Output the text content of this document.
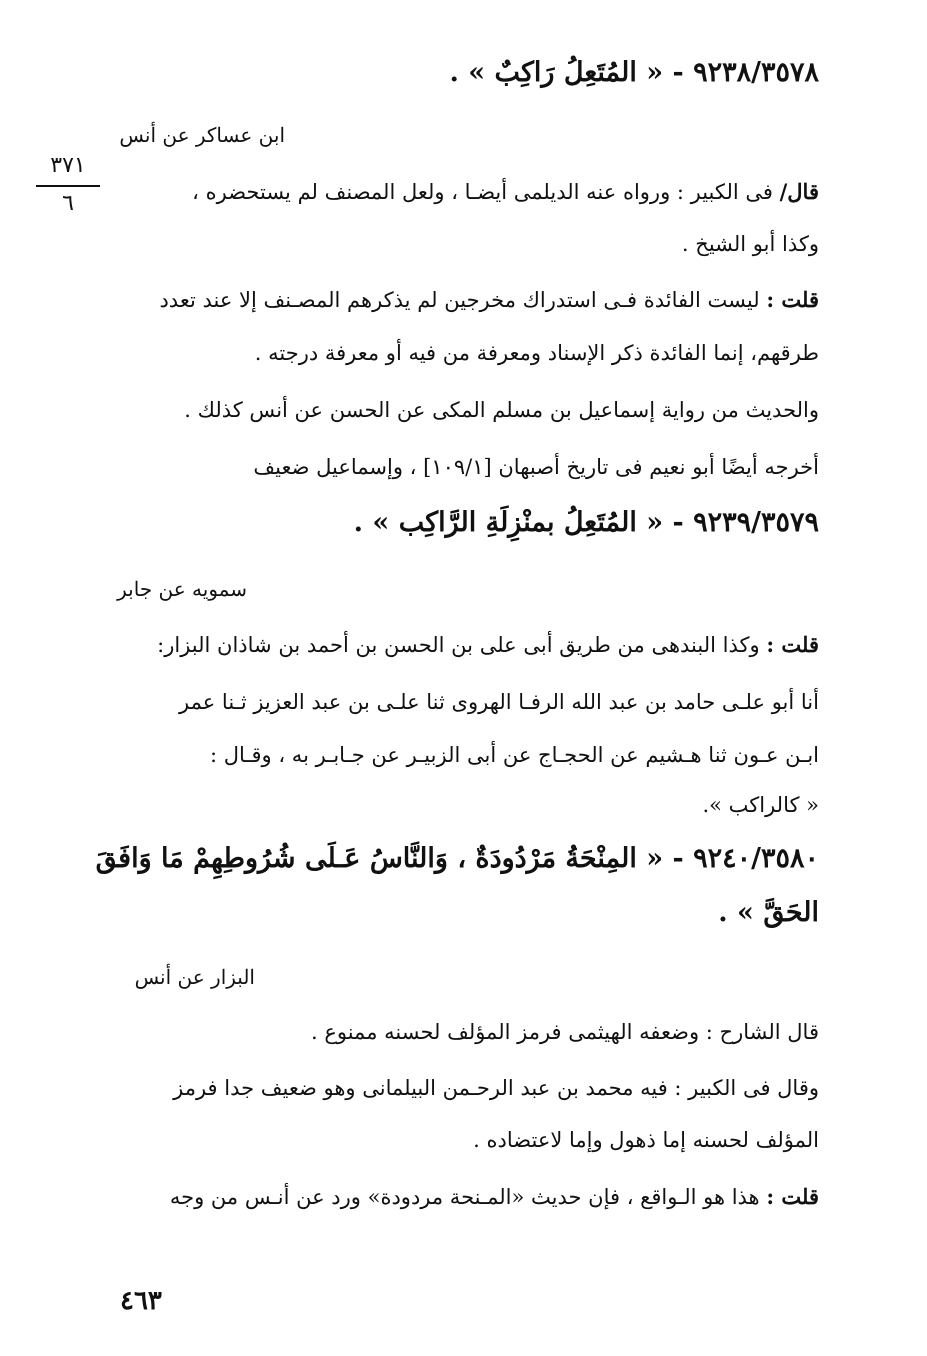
٣٧١
٦
٩٢٣٨/٣٥٧٨ - « المُتَعِلُ رَاكِبٌ » .
ابن عساكر عن أنس
قال/ فى الكبير : ورواه عنه الديلمى أيضـا ، ولعل المصنف لم يستحضره ،
وكذا أبو الشيخ .
قلت : ليست الفائدة فـى استدراك مخرجين لم يذكرهم المصـنف إلا عند تعدد
طرقهم، إنما الفائدة ذكر الإسناد ومعرفة من فيه أو معرفة درجته .
والحديث من رواية إسماعيل بن مسلم المكى عن الحسن عن أنس كذلك .
أخرجه أيضًا أبو نعيم فى تاريخ أصبهان [١٠٩/١] ، وإسماعيل ضعيف
٩٢٣٩/٣٥٧٩ - « المُتَعِلُ بمنْزِلَةِ الرَّاكِب » .
سمويه عن جابر
قلت : وكذا البندهى من طريق أبى على بن الحسن بن أحمد بن شاذان البزار:
أنا أبو علـى حامد بن عبد الله الرفـا الهروى ثنا علـى بن عبد العزيز ثـنا عمر
ابـن عـون ثنا هـشيم عن الحجـاج عن أبى الزبيـر عن جـابـر به ، وقـال :
« كالراكب ».
٩٢٤٠/٣٥٨٠ - « المِنْحَةُ مَرْدُودَةٌ ، وَالنَّاسُ عَـلَى شُرُوطِهِمْ مَا وَافَقَ
الحَقَّ » .
البزار عن أنس
قال الشارح : وضعفه الهيثمى فرمز المؤلف لحسنه ممنوع .
وقال فى الكبير : فيه محمد بن عبد الرحـمن البيلمانى وهو ضعيف جدا فرمز
المؤلف لحسنه إما ذهول وإما لاعتضاده .
قلت : هذا هو الـواقع ، فإن حديث «المـنحة مردودة» ورد عن أنـس من وجه
٤٦٣
